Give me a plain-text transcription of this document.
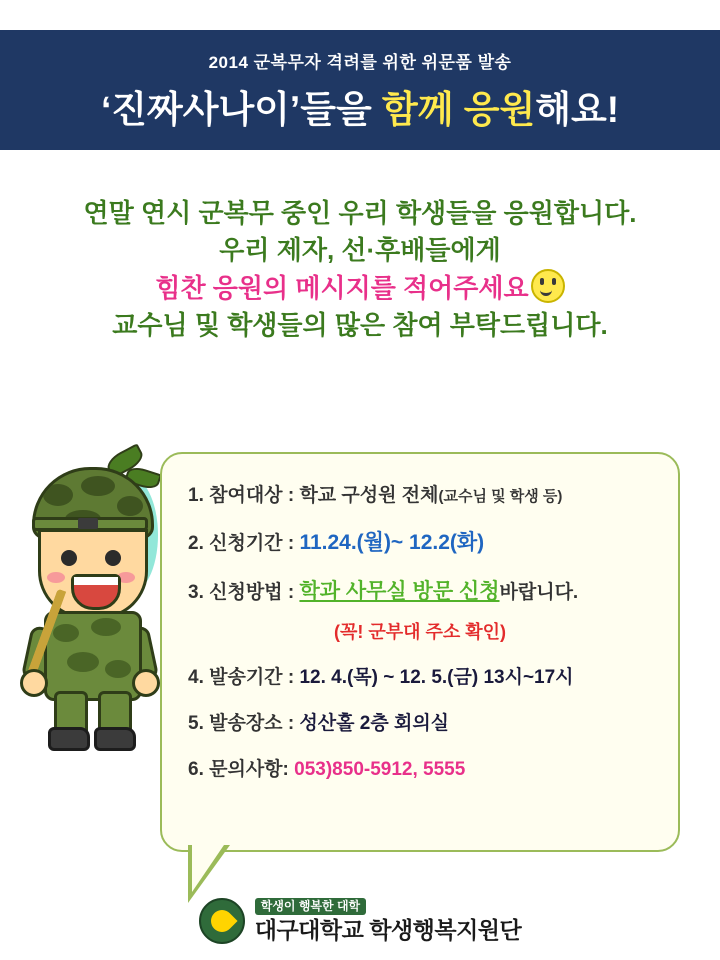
2014 군복무자 격려를 위한 위문품 발송
‘진짜사나이’들을 함께 응원해요!
연말 연시 군복무 중인 우리 학생들을 응원합니다.
우리 제자, 선·후배들에게
힘찬 응원의 메시지를 적어주세요
교수님 및 학생들의 많은 참여 부탁드립니다.
1. 참여대상 : 학교 구성원 전체(교수님 및 학생 등)
2. 신청기간 : 11.24.(월)~ 12.2(화)
3. 신청방법 : 학과 사무실 방문 신청바랍니다.
(꼭! 군부대 주소 확인)
4. 발송기간 : 12. 4.(목) ~ 12. 5.(금) 13시~17시
5. 발송장소 : 성산홀 2층 회의실
6. 문의사항: 053)850-5912, 5555
학생이 행복한 대학
대구대학교 학생행복지원단
